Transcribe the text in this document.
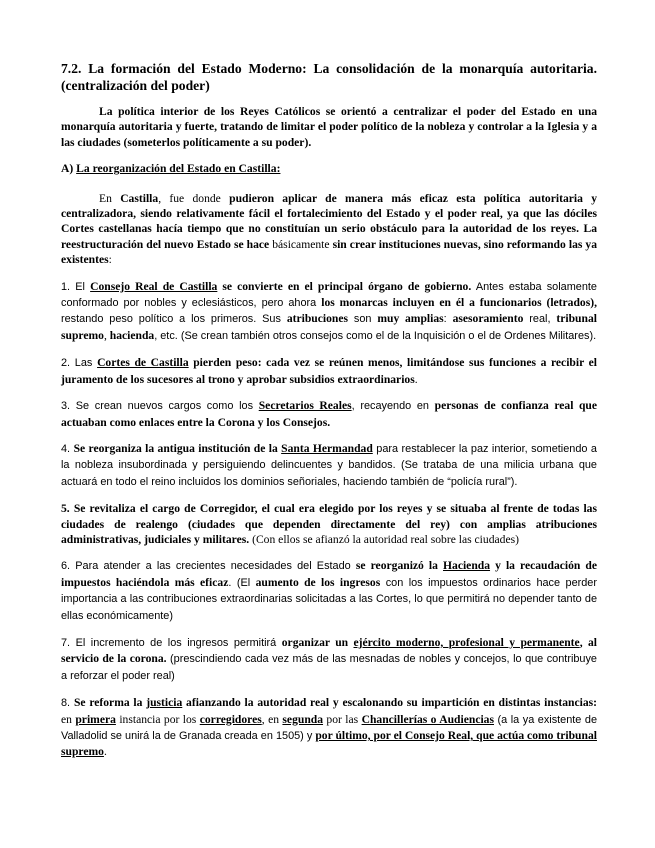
7.2. La formación del Estado Moderno: La consolidación de la monarquía autoritaria. (centralización del poder)

La política interior de los Reyes Católicos se orientó a centralizar el poder del Estado en una monarquía autoritaria y fuerte, tratando de limitar el poder político de la nobleza y controlar a la Iglesia y a las ciudades (someterlos políticamente a su poder).

A) La reorganización del Estado en Castilla:

En Castilla, fue donde pudieron aplicar de manera más eficaz esta política autoritaria y centralizadora, siendo relativamente fácil el fortalecimiento del Estado y el poder real, ya que las dóciles Cortes castellanas hacía tiempo que no constituían un serio obstáculo para la autoridad de los reyes. La reestructuración del nuevo Estado se hace básicamente sin crear instituciones nuevas, sino reformando las ya existentes:

1. El Consejo Real de Castilla se convierte en el principal órgano de gobierno. Antes estaba solamente conformado por nobles y eclesiásticos, pero ahora los monarcas incluyen en él a funcionarios (letrados), restando peso político a los primeros. Sus atribuciones son muy amplias: asesoramiento real, tribunal supremo, hacienda, etc. (Se crean también otros consejos como el de la Inquisición o el de Ordenes Militares).

2. Las Cortes de Castilla pierden peso: cada vez se reúnen menos, limitándose sus funciones a recibir el juramento de los sucesores al trono y aprobar subsidios extraordinarios.

3. Se crean nuevos cargos como los Secretarios Reales, recayendo en personas de confianza real que actuaban como enlaces entre la Corona y los Consejos.

4. Se reorganiza la antigua institución de la Santa Hermandad para restablecer la paz interior, sometiendo a la nobleza insubordinada y persiguiendo delincuentes y bandidos. (Se trataba de una milicia urbana que actuará en todo el reino incluidos los dominios señoriales, haciendo también de “policía rural”).

5. Se revitaliza el cargo de Corregidor, el cual era elegido por los reyes y se situaba al frente de todas las ciudades de realengo (ciudades que dependen directamente del rey) con amplias atribuciones administrativas, judiciales y militares. (Con ellos se afianzó la autoridad real sobre las ciudades)

6. Para atender a las crecientes necesidades del Estado se reorganizó la Hacienda y la recaudación de impuestos haciéndola más eficaz. (El aumento de los ingresos con los impuestos ordinarios hace perder importancia a las contribuciones extraordinarias solicitadas a las Cortes, lo que permitirá no depender tanto de ellas económicamente)

7. El incremento de los ingresos permitirá organizar un ejército moderno, profesional y permanente, al servicio de la corona. (prescindiendo cada vez más de las mesnadas de nobles y concejos, lo que contribuye a reforzar el poder real)

8. Se reforma la justicia afianzando la autoridad real y escalonando su impartición en distintas instancias: en primera instancia por los corregidores, en segunda por las Chancillerías o Audiencias (a la ya existente de Valladolid se unirá la de Granada creada en 1505) y por último, por el Consejo Real, que actúa como tribunal supremo.
